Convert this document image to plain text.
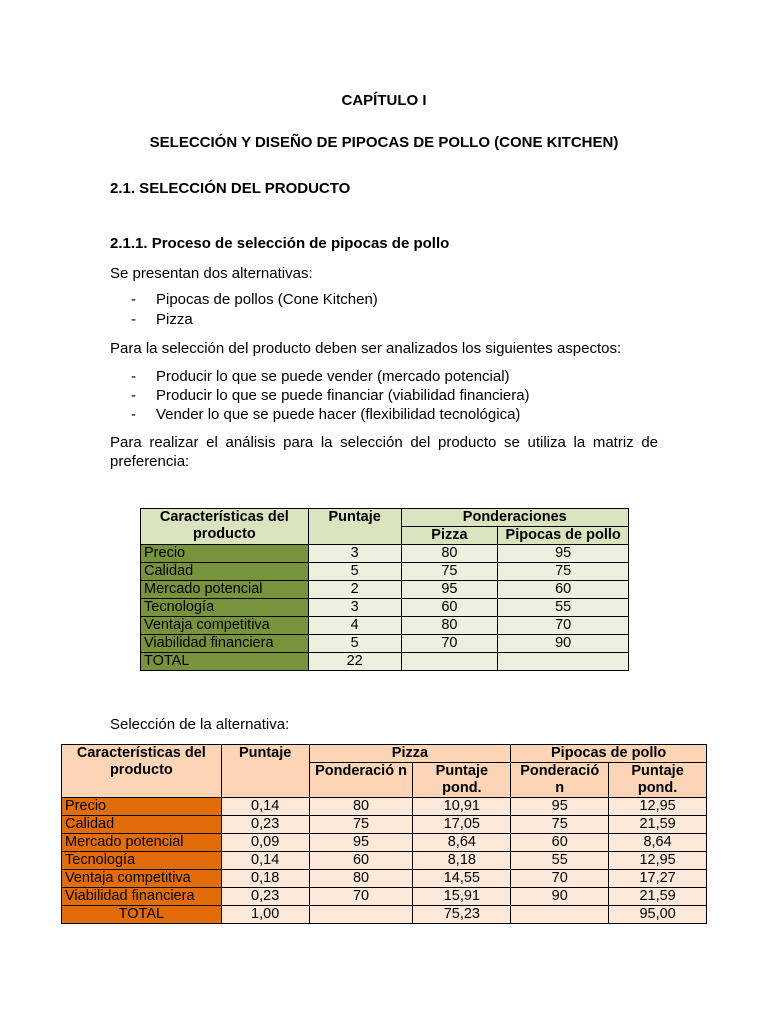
CAPÍTULO I
SELECCIÓN Y DISEÑO DE PIPOCAS DE POLLO (CONE KITCHEN)
2.1. SELECCIÓN DEL PRODUCTO
2.1.1. Proceso de selección de pipocas de pollo
Se presentan dos alternativas:
- Pipocas de pollos (Cone Kitchen)
- Pizza
Para la selección del producto deben ser analizados los siguientes aspectos:
- Producir lo que se puede vender (mercado potencial)
- Producir lo que se puede financiar (viabilidad financiera)
- Vender lo que se puede hacer (flexibilidad tecnológica)
Para realizar el análisis para la selección del producto se utiliza la matriz de preferencia:
Características del producto	Puntaje	Ponderaciones	
		Pizza	Pipocas de pollo
Precio	3	80	95
Calidad	5	75	75
Mercado potencial	2	95	60
Tecnología	3	60	55
Ventaja competitiva	4	80	70
Viabilidad financiera	5	70	90
TOTAL	22		
Selección de la alternativa:
Características del producto	Puntaje	Pizza		Pipocas de pollo	
		Ponderació n	Puntaje pond.	Ponderació n	Puntaje pond.
Precio	0,14	80	10,91	95	12,95
Calidad	0,23	75	17,05	75	21,59
Mercado potencial	0,09	95	8,64	60	8,64
Tecnología	0,14	60	8,18	55	12,95
Ventaja competitiva	0,18	80	14,55	70	17,27
Viabilidad financiera	0,23	70	15,91	90	21,59
TOTAL	1,00		75,23		95,00
